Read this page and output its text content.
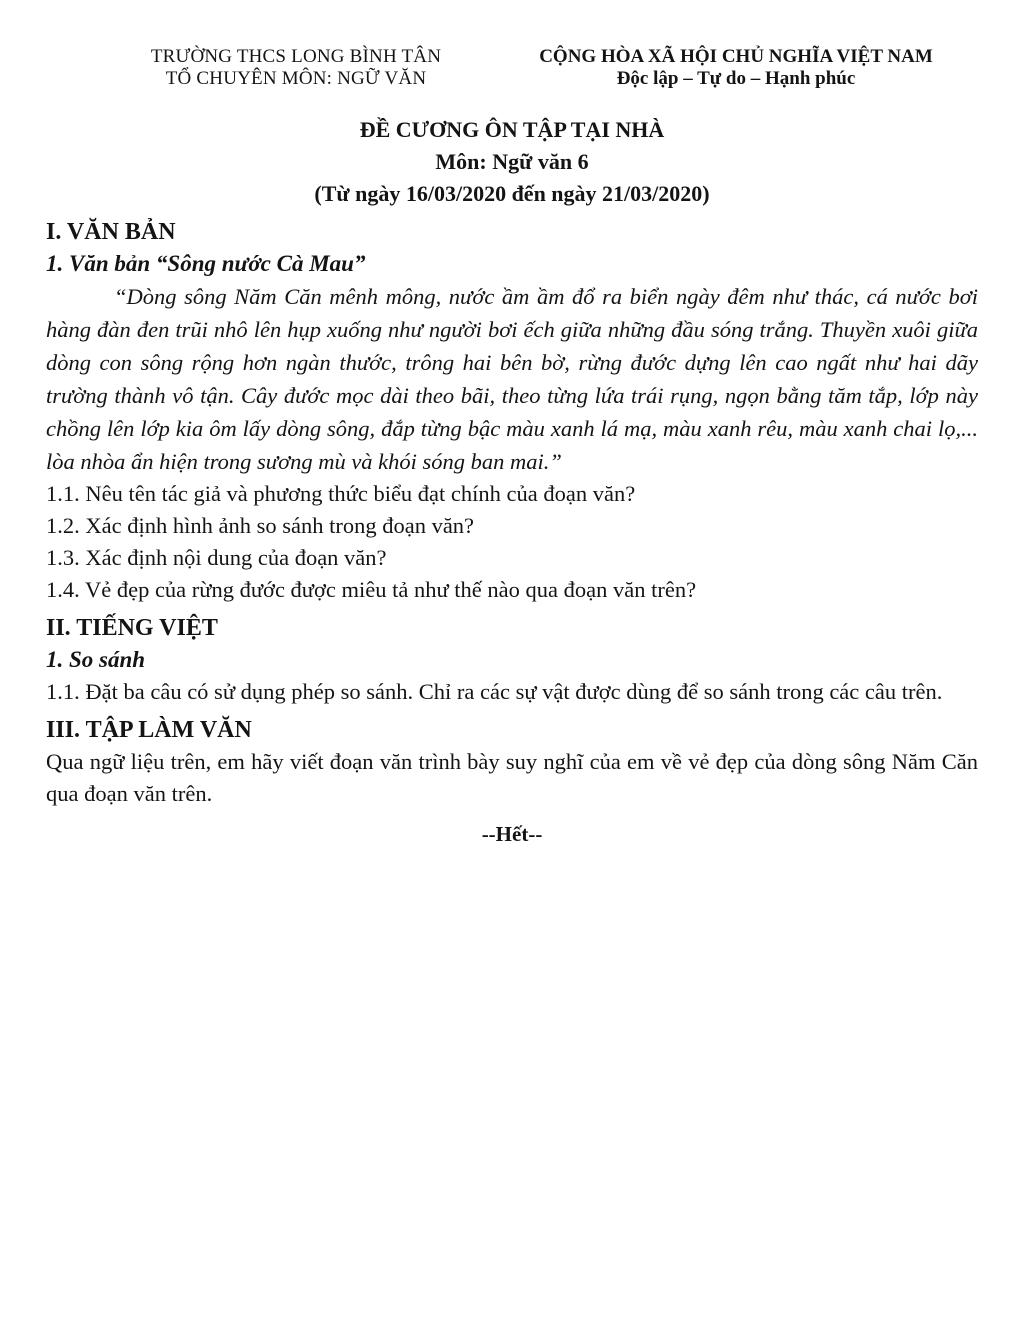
TRƯỜNG THCS LONG BÌNH TÂN
TỔ CHUYÊN MÔN: NGỮ VĂN
CỘNG HÒA XÃ HỘI CHỦ NGHĨA VIỆT NAM
Độc lập – Tự do – Hạnh phúc
ĐỀ CƯƠNG ÔN TẬP TẠI NHÀ
Môn: Ngữ văn 6
(Từ ngày 16/03/2020 đến ngày 21/03/2020)
I. VĂN BẢN
1. Văn bản “Sông nước Cà Mau”

“Dòng sông Năm Căn mênh mông, nước ầm ầm đổ ra biển ngày đêm như thác, cá nước bơi hàng đàn đen trũi nhô lên hụp xuống như người bơi ếch giữa những đầu sóng trắng. Thuyền xuôi giữa dòng con sông rộng hơn ngàn thước, trông hai bên bờ, rừng đước dựng lên cao ngất như hai dãy trường thành vô tận. Cây đước mọc dài theo bãi, theo từng lứa trái rụng, ngọn bằng tăm tắp, lớp này chồng lên lớp kia ôm lấy dòng sông, đắp từng bậc màu xanh lá mạ, màu xanh rêu, màu xanh chai lọ,... lòa nhòa ẩn hiện trong sương mù và khói sóng ban mai.”

1.1. Nêu tên tác giả và phương thức biểu đạt chính của đoạn văn?

1.2. Xác định hình ảnh so sánh trong đoạn văn?

1.3. Xác định nội dung của đoạn văn?

1.4. Vẻ đẹp của rừng đước được miêu tả như thế nào qua đoạn văn trên?

II. TIẾNG VIỆT
1. So sánh

1.1. Đặt ba câu có sử dụng phép so sánh. Chỉ ra các sự vật được dùng để so sánh trong các câu trên.

III. TẬP LÀM VĂN

Qua ngữ liệu trên, em hãy viết đoạn văn trình bày suy nghĩ của em về vẻ đẹp của dòng sông Năm Căn qua đoạn văn trên.

--Hết--
